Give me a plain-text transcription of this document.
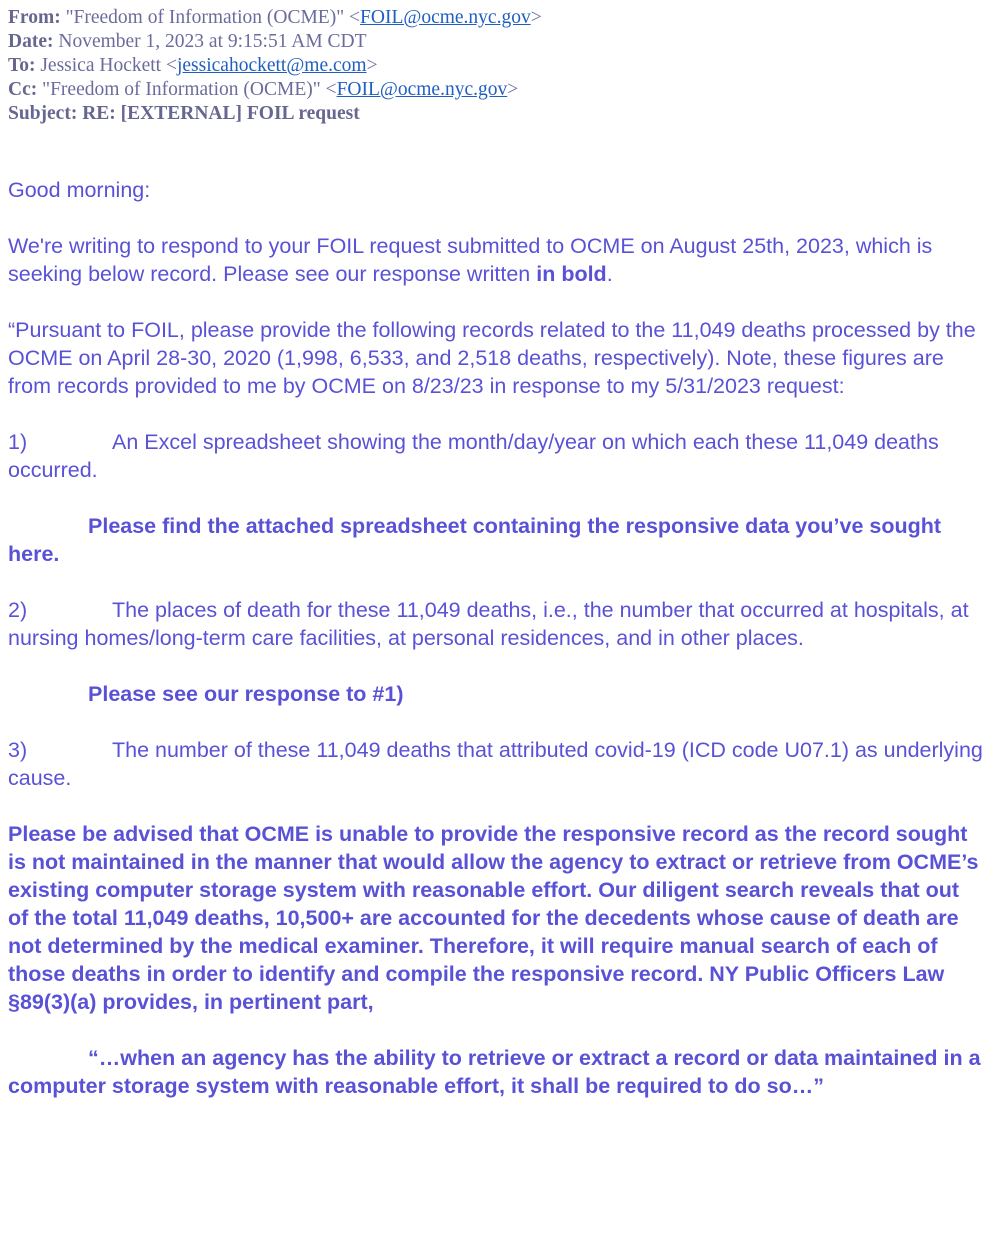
From: "Freedom of Information (OCME)" <FOIL@ocme.nyc.gov>
Date: November 1, 2023 at 9:15:51 AM CDT
To: Jessica Hockett <jessicahockett@me.com>
Cc: "Freedom of Information (OCME)" <FOIL@ocme.nyc.gov>
Subject: RE: [EXTERNAL] FOIL request

Good morning:

We're writing to respond to your FOIL request submitted to OCME on August 25th, 2023, which is seeking below record. Please see our response written in bold.

“Pursuant to FOIL, please provide the following records related to the 11,049 deaths processed by the OCME on April 28-30, 2020 (1,998, 6,533, and 2,518 deaths, respectively). Note, these figures are from records provided to me by OCME on 8/23/23 in response to my 5/31/2023 request:

1)	An Excel spreadsheet showing the month/day/year on which each these 11,049 deaths occurred.

Please find the attached spreadsheet containing the responsive data you’ve sought here.

2)	The places of death for these 11,049 deaths, i.e., the number that occurred at hospitals, at nursing homes/long-term care facilities, at personal residences, and in other places.

Please see our response to #1)

3)	The number of these 11,049 deaths that attributed covid-19 (ICD code U07.1) as underlying cause.

Please be advised that OCME is unable to provide the responsive record as the record sought is not maintained in the manner that would allow the agency to extract or retrieve from OCME’s existing computer storage system with reasonable effort. Our diligent search reveals that out of the total 11,049 deaths, 10,500+ are accounted for the decedents whose cause of death are not determined by the medical examiner. Therefore, it will require manual search of each of those deaths in order to identify and compile the responsive record. NY Public Officers Law §89(3)(a) provides, in pertinent part,

“…when an agency has the ability to retrieve or extract a record or data maintained in a computer storage system with reasonable effort, it shall be required to do so…”
